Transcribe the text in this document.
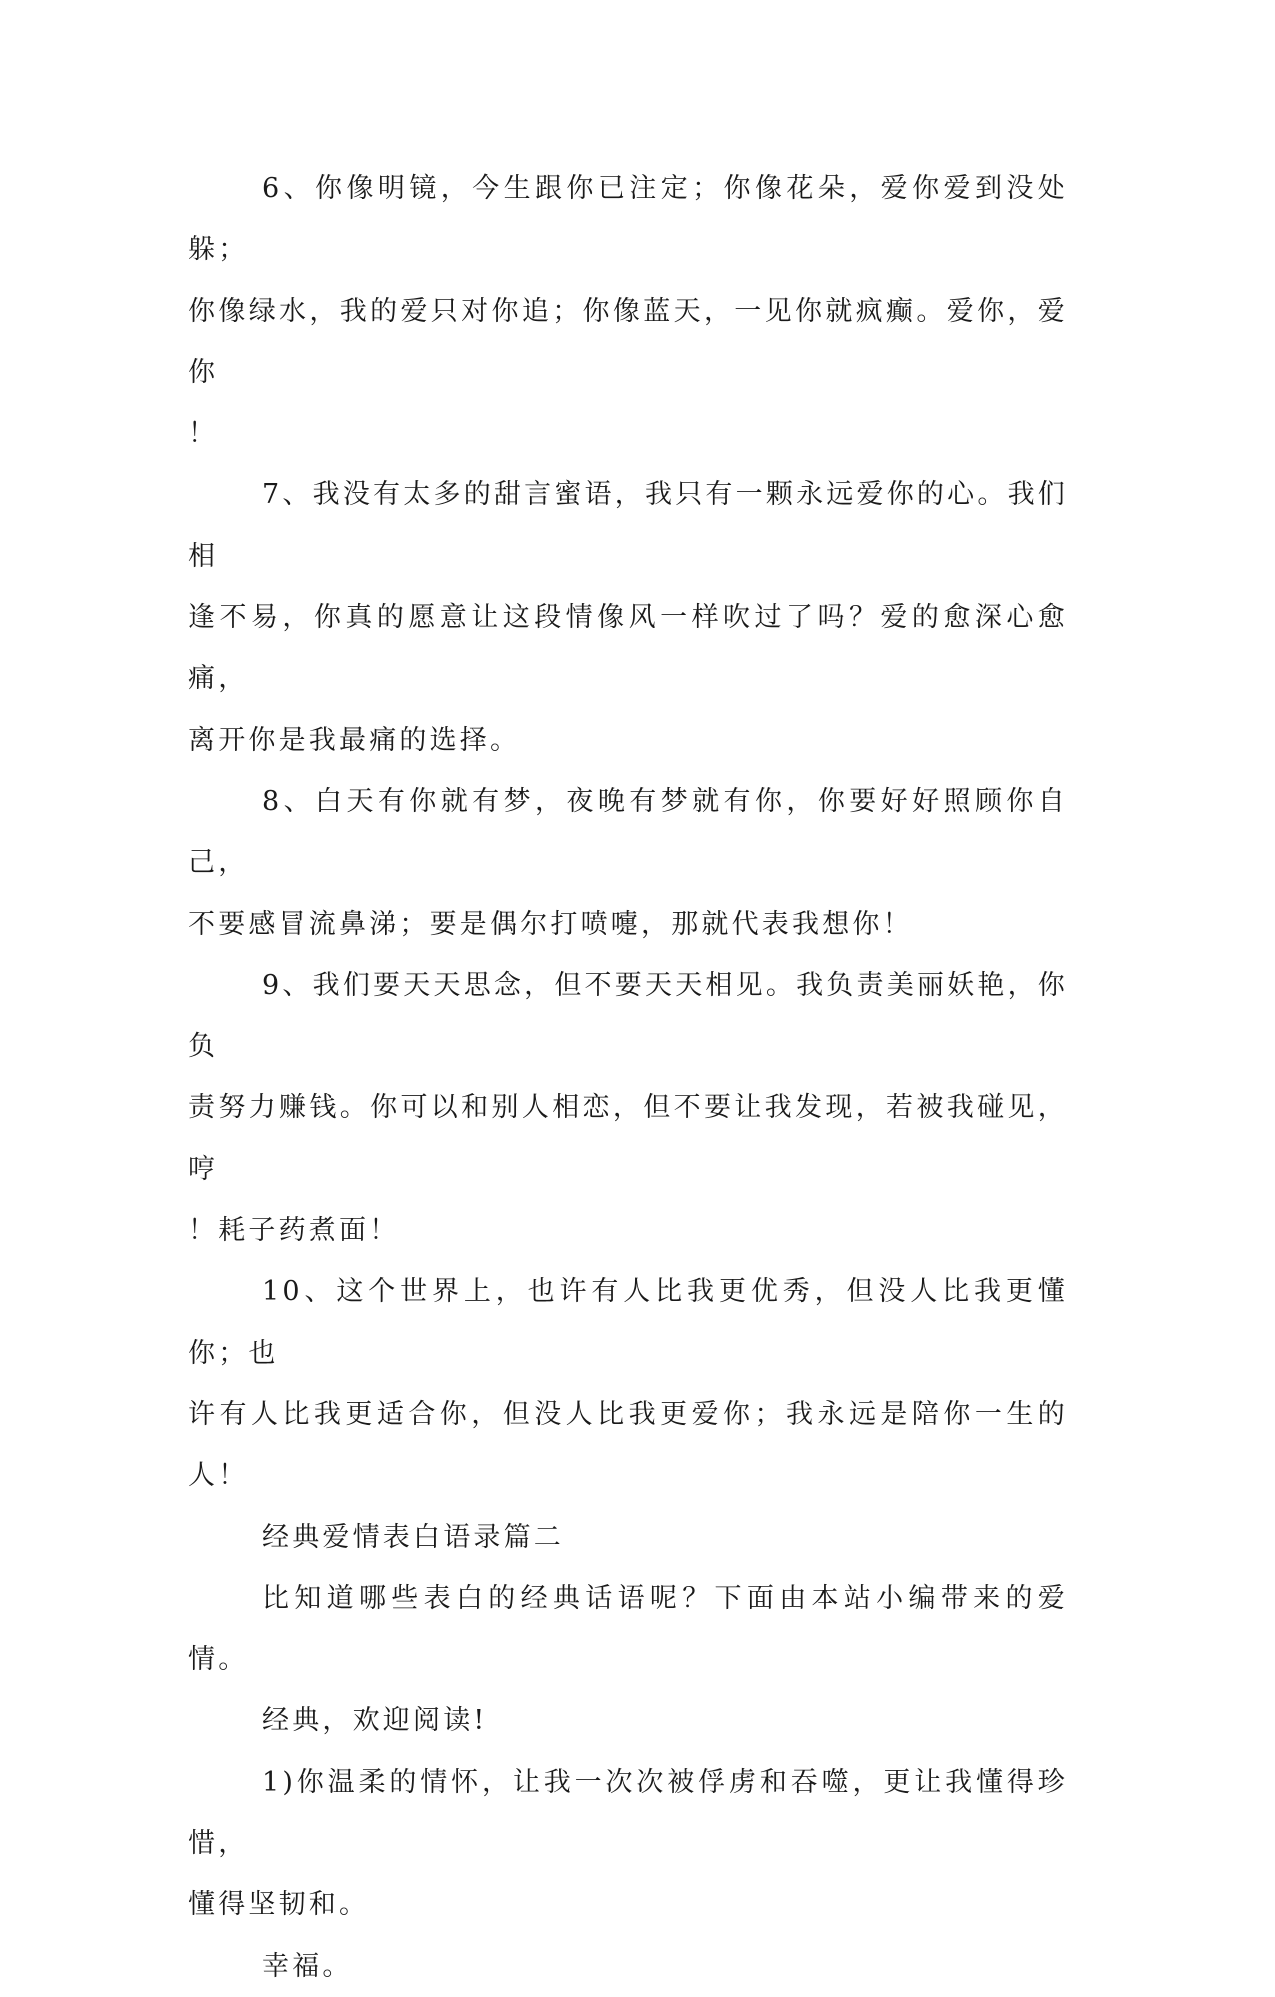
6、你像明镜，今生跟你已注定；你像花朵，爱你爱到没处躲；
你像绿水，我的爱只对你追；你像蓝天，一见你就疯癫。爱你，爱你
！

7、我没有太多的甜言蜜语，我只有一颗永远爱你的心。我们相
逢不易，你真的愿意让这段情像风一样吹过了吗？爱的愈深心愈痛，
离开你是我最痛的选择。

8、白天有你就有梦，夜晚有梦就有你，你要好好照顾你自己，
不要感冒流鼻涕；要是偶尔打喷嚏，那就代表我想你！

9、我们要天天思念，但不要天天相见。我负责美丽妖艳，你负
责努力赚钱。你可以和别人相恋，但不要让我发现，若被我碰见，哼
！耗子药煮面！

10、这个世界上，也许有人比我更优秀，但没人比我更懂你；也
许有人比我更适合你，但没人比我更爱你；我永远是陪你一生的人！

经典爱情表白语录篇二

比知道哪些表白的经典话语呢？下面由本站小编带来的爱情。

经典，欢迎阅读!

1)你温柔的情怀，让我一次次被俘虏和吞噬，更让我懂得珍惜，
懂得坚韧和。

幸福。
